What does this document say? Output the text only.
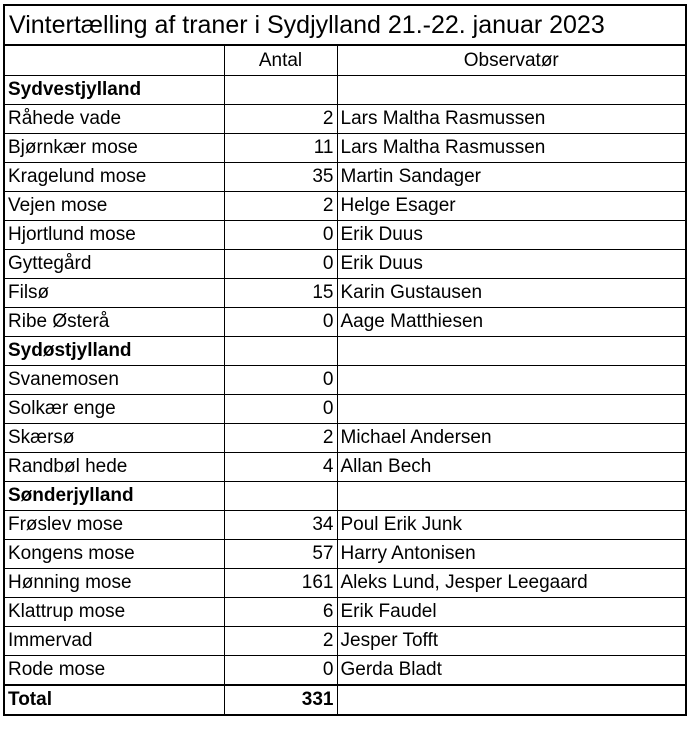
Vintertælling af traner i Sydjylland 21.-22. januar 2023
	Antal	Observatør
Sydvestjylland		
Råhede vade	2	Lars Maltha Rasmussen
Bjørnkær mose	11	Lars Maltha Rasmussen
Kragelund mose	35	Martin Sandager
Vejen mose	2	Helge Esager
Hjortlund mose	0	Erik Duus
Gyttegård	0	Erik Duus
Filsø	15	Karin Gustausen
Ribe Østerå	0	Aage Matthiesen
Sydøstjylland		
Svanemosen	0	
Solkær enge	0	
Skærsø	2	Michael Andersen
Randbøl hede	4	Allan Bech
Sønderjylland		
Frøslev mose	34	Poul Erik Junk
Kongens mose	57	Harry Antonisen
Hønning mose	161	Aleks Lund, Jesper Leegaard
Klattrup mose	6	Erik Faudel
Immervad	2	Jesper Tofft
Rode mose	0	Gerda Bladt
Total	331	
